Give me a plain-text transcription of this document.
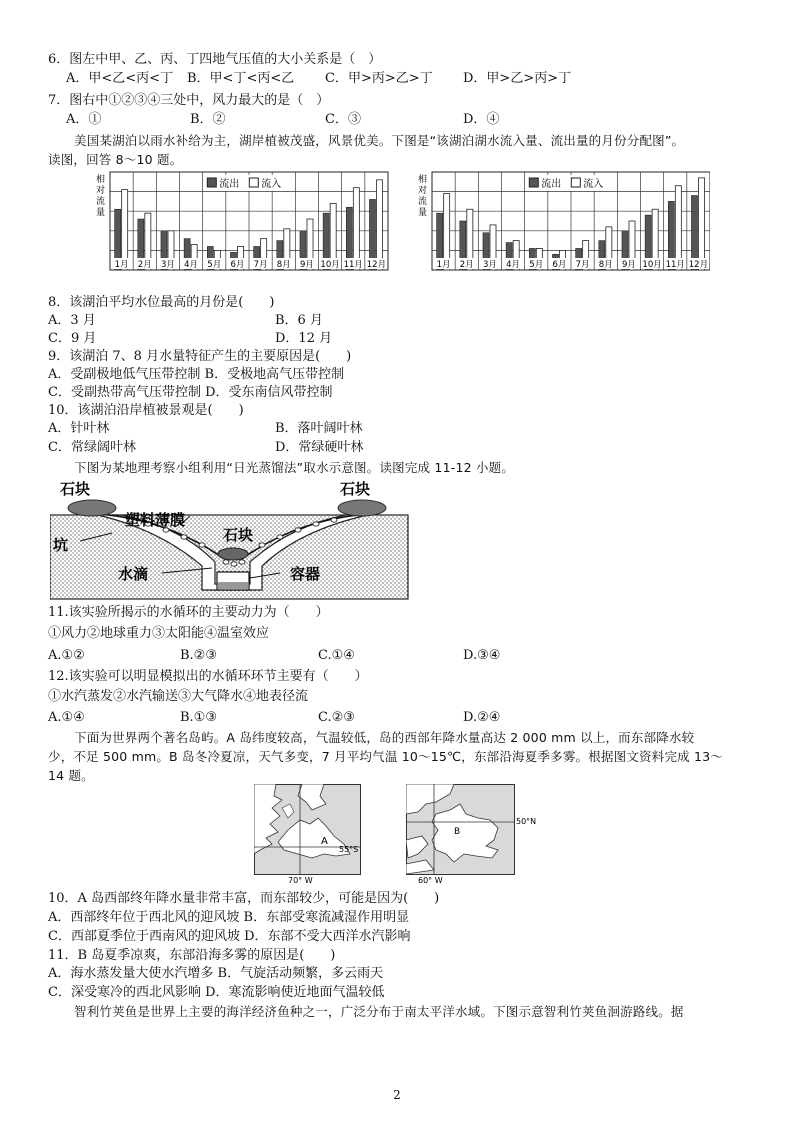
6．图左中甲、乙、丙、丁四地气压值的大小关系是（　）
A．甲<乙<丙<丁 B．甲<丁<丙<乙 C．甲>丙>乙>丁 D．甲>乙>丙>丁
7．图右中①②③④三处中，风力最大的是（　）
A．①	B．②	C．③	D．④
美国某湖泊以雨水补给为主，湖岸植被茂盛，风景优美。下图是“该湖泊湖水流入量、流出量的月份分配图”。
读图，回答 8～10 题。
相
对
流
量
流出 流入
1月 2月 3月 4月 5月 6月 7月 8月 9月 10月 11月 12月
相
对
流
量
流出 流入
1月 2月 3月 4月 5月 6月 7月 8月 9月 10月 11月 12月
8．该湖泊平均水位最高的月份是(　　)
A．3 月	B．6 月
C．9 月	D．12 月
9．该湖泊 7、8 月水量特征产生的主要原因是(　　)
A．受副极地低气压带控制 B．受极地高气压带控制
C．受副热带高气压带控制 D．受东南信风带控制
10．该湖泊沿岸植被景观是(　　)
A．针叶林	B．落叶阔叶林
C．常绿阔叶林	D．常绿硬叶林
下图为某地理考察小组利用“日光蒸馏法”取水示意图。读图完成 11-12 小题。
石块	石块
塑料薄膜
石块
坑
水滴	容器
11.该实验所揭示的水循环的主要动力为（　　）
①风力②地球重力③太阳能④温室效应
A.①②	B.②③	C.①④	D.③④
12.该实验可以明显模拟出的水循环环节主要有（　　）
①水汽蒸发②水汽输送③大气降水④地表径流
A.①④	B.①③	C.②③	D.②④
下面为世界两个著名岛屿。A 岛纬度较高，气温较低，岛的西部年降水量高达 2 000 mm 以上，而东部降水较
少，不足 500 mm。B 岛冬冷夏凉，天气多变，7 月平均气温 10～15℃，东部沿海夏季多雾。根据图文资料完成 13～
14 题。
A
55°S
70° W
B
50°N
60° W
10．A 岛西部终年降水量非常丰富，而东部较少，可能是因为(　　)
A．西部终年位于西北风的迎风坡 B．东部受寒流减湿作用明显
C．西部夏季位于西南风的迎风坡 D．东部不受大西洋水汽影响
11．B 岛夏季凉爽，东部沿海多雾的原因是(　　)
A．海水蒸发量大使水汽增多 B．气旋活动频繁，多云雨天
C．深受寒冷的西北风影响 D．寒流影响使近地面气温较低
智利竹荚鱼是世界上主要的海洋经济鱼种之一，广泛分布于南太平洋水域。下图示意智利竹荚鱼洄游路线。据
2
